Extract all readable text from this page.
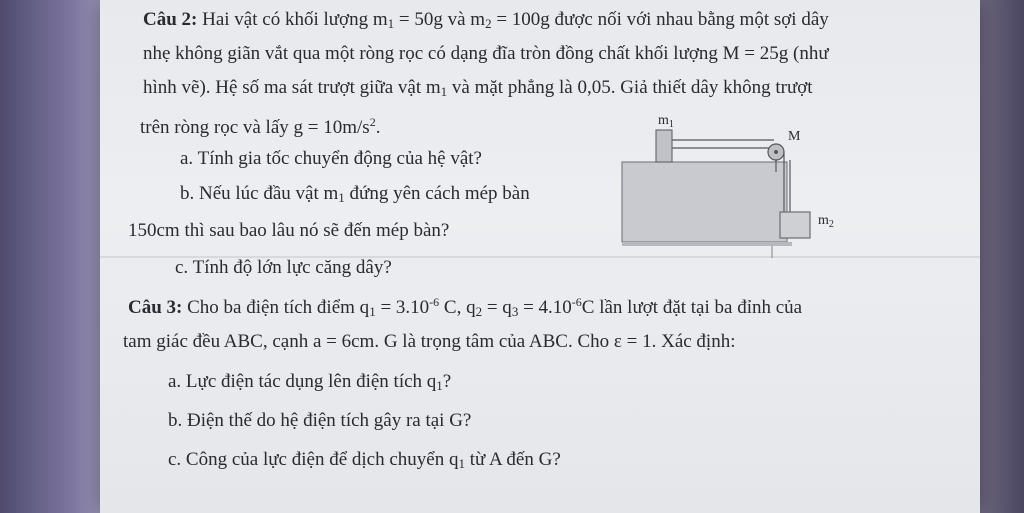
Câu 2: Hai vật có khối lượng $m_1 = 50g$ và $m_2 = 100g$ được nối với nhau bằng một sợi dây
nhẹ không giãn vắt qua một ròng rọc có dạng đĩa tròn đồng chất khối lượng M = 25g (như
hình vẽ). Hệ số ma sát trượt giữa vật $m_1$ và mặt phẳng là 0,05. Giả thiết dây không trượt
trên ròng rọc và lấy $g = 10m/s^2$.
a. Tính gia tốc chuyển động của hệ vật?
b. Nếu lúc đầu vật $m_1$ đứng yên cách mép bàn
150cm thì sau bao lâu nó sẽ đến mép bàn?
c. Tính độ lớn lực căng dây?
$m_1$
M
$m_2$
Câu 3: Cho ba điện tích điểm $q_1 = 3.10^{-6}$ C, $q_2 = q_3 = 4.10^{-6}C$ lần lượt đặt tại ba đỉnh của
tam giác đều ABC, cạnh a = 6cm. G là trọng tâm của ABC. Cho ε = 1. Xác định:
a. Lực điện tác dụng lên điện tích $q_1$?
b. Điện thế do hệ điện tích gây ra tại G?
c. Công của lực điện để dịch chuyển $q_1$ từ A đến G?
